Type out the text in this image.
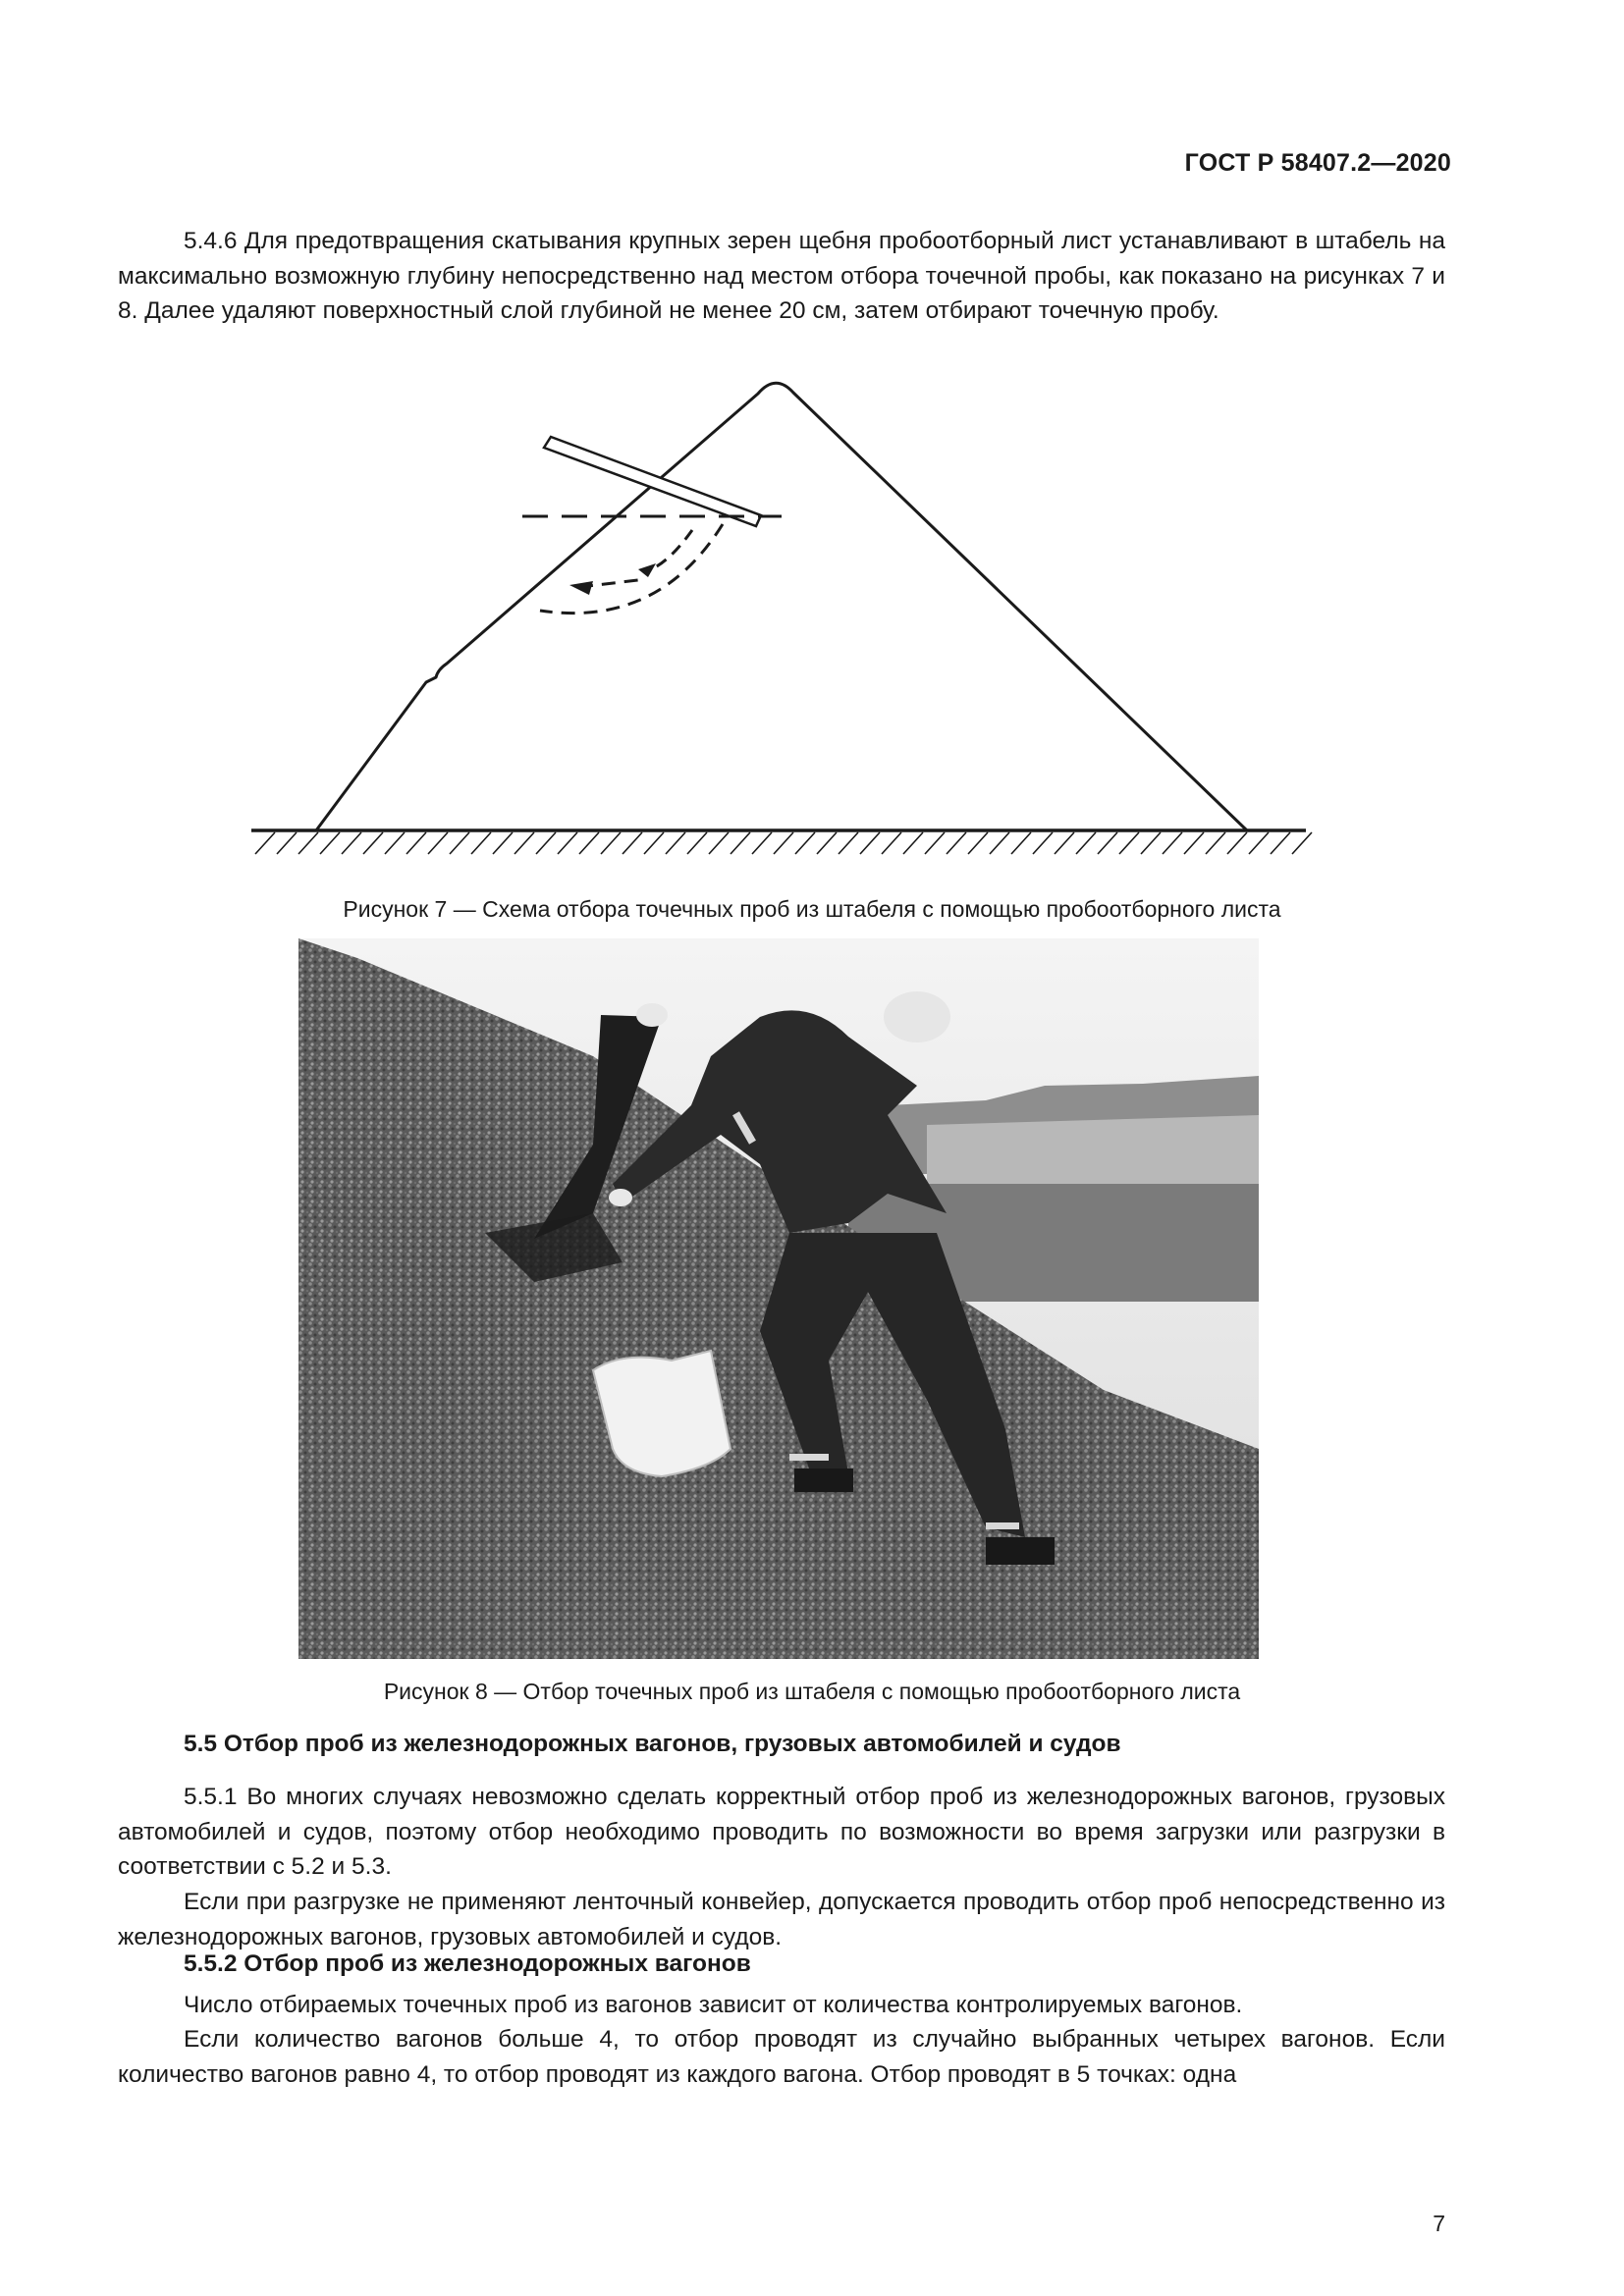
ГОСТ Р 58407.2—2020

5.4.6 Для предотвращения скатывания крупных зерен щебня пробоотборный лист устанавливают в штабель на максимально возможную глубину непосредственно над местом отбора точечной пробы, как показано на рисунках 7 и 8. Далее удаляют поверхностный слой глубиной не менее 20 см, затем отбирают точечную пробу.

Рисунок 7 — Схема отбора точечных проб из штабеля с помощью пробоотборного листа
Рисунок 8 — Отбор точечных проб из штабеля с помощью пробоотборного листа
5.5 Отбор проб из железнодорожных вагонов, грузовых автомобилей и судов

5.5.1 Во многих случаях невозможно сделать корректный отбор проб из железнодорожных вагонов, грузовых автомобилей и судов, поэтому отбор необходимо проводить по возможности во время загрузки или разгрузки в соответствии с 5.2 и 5.3.

Если при разгрузке не применяют ленточный конвейер, допускается проводить отбор проб непосредственно из железнодорожных вагонов, грузовых автомобилей и судов.

5.5.2 Отбор проб из железнодорожных вагонов

Число отбираемых точечных проб из вагонов зависит от количества контролируемых вагонов.

Если количество вагонов больше 4, то отбор проводят из случайно выбранных четырех вагонов. Если количество вагонов равно 4, то отбор проводят из каждого вагона. Отбор проводят в 5 точках: одна

7
